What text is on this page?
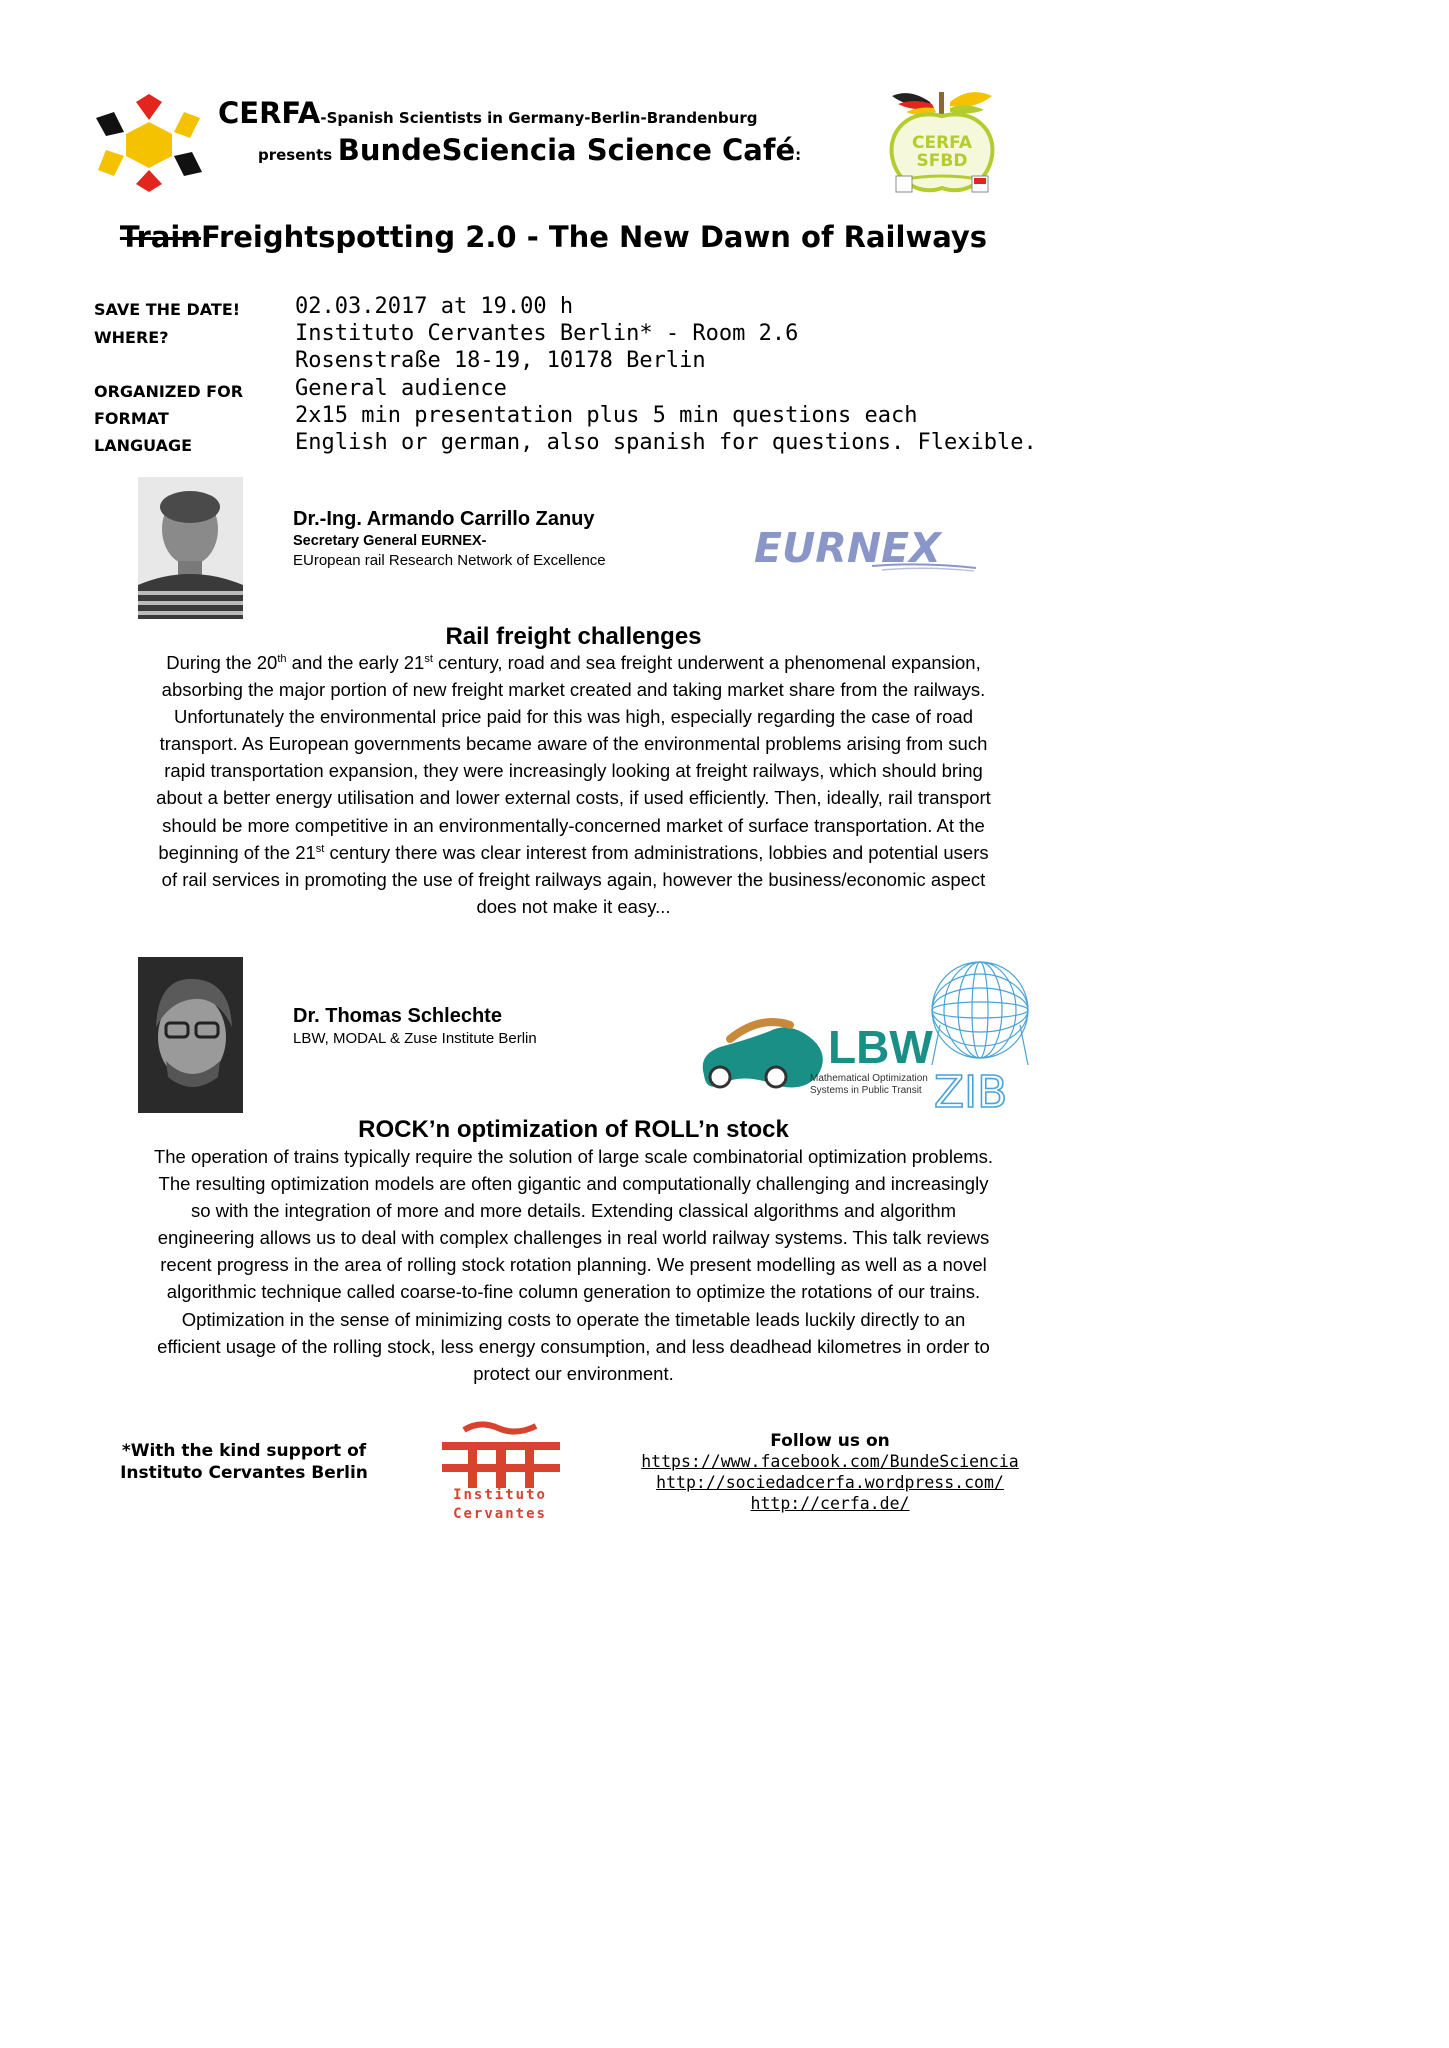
CERFA-Spanish Scientists in Germany-Berlin-Brandenburg
presents BundeSciencia Science Café:
CERFA
SFBD
TrainFreightspotting 2.0 - The New Dawn of Railways
SAVE THE DATE! 02.03.2017 at 19.00 h
WHERE?	Instituto Cervantes Berlin* - Room 2.6
Rosenstraße 18-19, 10178 Berlin
ORGANIZED FOR General audience
FORMAT	2x15 min presentation plus 5 min questions each
LANGUAGE	English or german, also spanish for questions. Flexible.
Dr.-Ing. Armando Carrillo Zanuy
Secretary General EURNEX-
EUropean rail Research Network of Excellence	EURNEX
Rail freight challenges

During the 20th and the early 21st century, road and sea freight underwent a phenomenal expansion,

absorbing the major portion of new freight market created and taking market share from the railways.

Unfortunately the environmental price paid for this was high, especially regarding the case of road

transport. As European governments became aware of the environmental problems arising from such

rapid transportation expansion, they were increasingly looking at freight railways, which should bring

about a better energy utilisation and lower external costs, if used efficiently. Then, ideally, rail transport

should be more competitive in an environmentally-concerned market of surface transportation. At the

beginning of the 21st century there was clear interest from administrations, lobbies and potential users

of rail services in promoting the use of freight railways again, however the business/economic aspect

does not make it easy...

Dr. Thomas Schlechte
LBW, MODAL & Zuse Institute Berlin	LBW
Mathematical Optimization
Systems in Public Transit ZIB
ROCK’n optimization of ROLL’n stock

The operation of trains typically require the solution of large scale combinatorial optimization problems.

The resulting optimization models are often gigantic and computationally challenging and increasingly

so with the integration of more and more details. Extending classical algorithms and algorithm

engineering allows us to deal with complex challenges in real world railway systems. This talk reviews

recent progress in the area of rolling stock rotation planning. We present modelling as well as a novel

algorithmic technique called coarse-to-fine column generation to optimize the rotations of our trains.

Optimization in the sense of minimizing costs to operate the timetable leads luckily directly to an

efficient usage of the rolling stock, less energy consumption, and less deadhead kilometres in order to

protect our environment.

*With the kind support of
Instituto Cervantes Berlin
Instituto
Cervantes
Follow us on
https://www.facebook.com/BundeSciencia
http://sociedadcerfa.wordpress.com/
http://cerfa.de/
